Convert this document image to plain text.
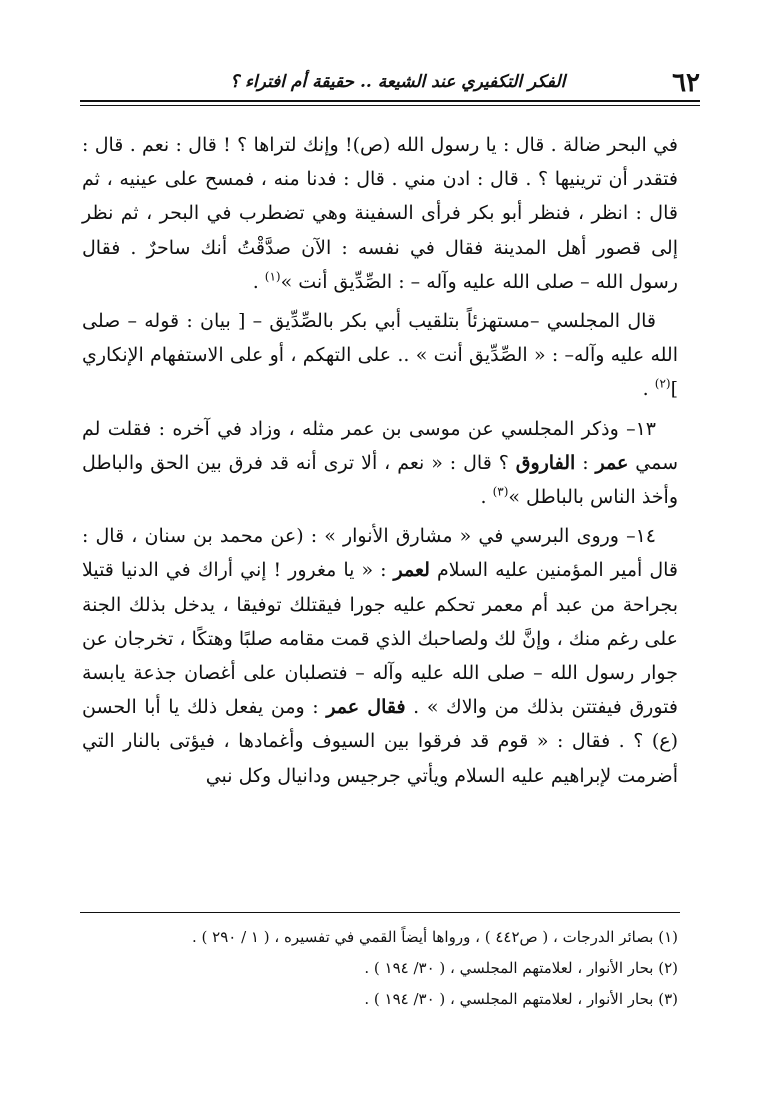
٦٢
الفكر التكفيري عند الشيعة .. حقيقة أم افتراء ؟

في البحر ضالة . قال : يا رسول الله (ص)! وإنك لتراها ؟ ! قال : نعم . قال : فتقدر أن ترينيها ؟ . قال : ادن مني . قال : فدنا منه ، فمسح على عينيه ، ثم قال : انظر ، فنظر أبو بكر فرأى السفينة وهي تضطرب في البحر ، ثم نظر إلى قصور أهل المدينة فقال في نفسه : الآن صدَّقْتُ أنك ساحرٌ . فقال رسول الله – صلى الله عليه وآله – : الصِّدِّيق أنت »$^{(١)}$ .

قال المجلسي –مستهزئاً بتلقيب أبي بكر بالصِّدِّيق – [ بيان : قوله – صلى الله عليه وآله– : « الصِّدِّيق أنت » .. على التهكم ، أو على الاستفهام الإنكاري ]$^{(٢)}$ .

١٣– وذكر المجلسي عن موسى بن عمر مثله ، وزاد في آخره : فقلت لم سمي عمر : الفاروق ؟ قال : « نعم ، ألا ترى أنه قد فرق بين الحق والباطل وأخذ الناس بالباطل »$^{(٣)}$ .

١٤– وروى البرسي في « مشارق الأنوار » : (عن محمد بن سنان ، قال : قال أمير المؤمنين عليه السلام لعمر : « يا مغرور ! إني أراك في الدنيا قتيلا بجراحة من عبد أم معمر تحكم عليه جورا فيقتلك توفيقا ، يدخل بذلك الجنة على رغم منك ، وإنَّ لك ولصاحبك الذي قمت مقامه صلبًا وهتكًا ، تخرجان عن جوار رسول الله – صلى الله عليه وآله – فتصلبان على أغصان جذعة يابسة فتورق فيفتتن بذلك من والاك » . فقال عمر : ومن يفعل ذلك يا أبا الحسن (ع) ؟ . فقال : « قوم قد فرقوا بين السيوف وأغمادها ، فيؤتى بالنار التي أضرمت لإبراهيم عليه السلام ويأتي جرجيس ودانيال وكل نبي

(١) بصائر الدرجات ، ( ص٤٤٢ ) ، ورواها أيضاً القمي في تفسيره ، ( ١ / ٢٩٠ ) .
(٢) بحار الأنوار ، لعلامتهم المجلسي ، ( ٣٠/ ١٩٤ ) .
(٣) بحار الأنوار ، لعلامتهم المجلسي ، ( ٣٠/ ١٩٤ ) .
